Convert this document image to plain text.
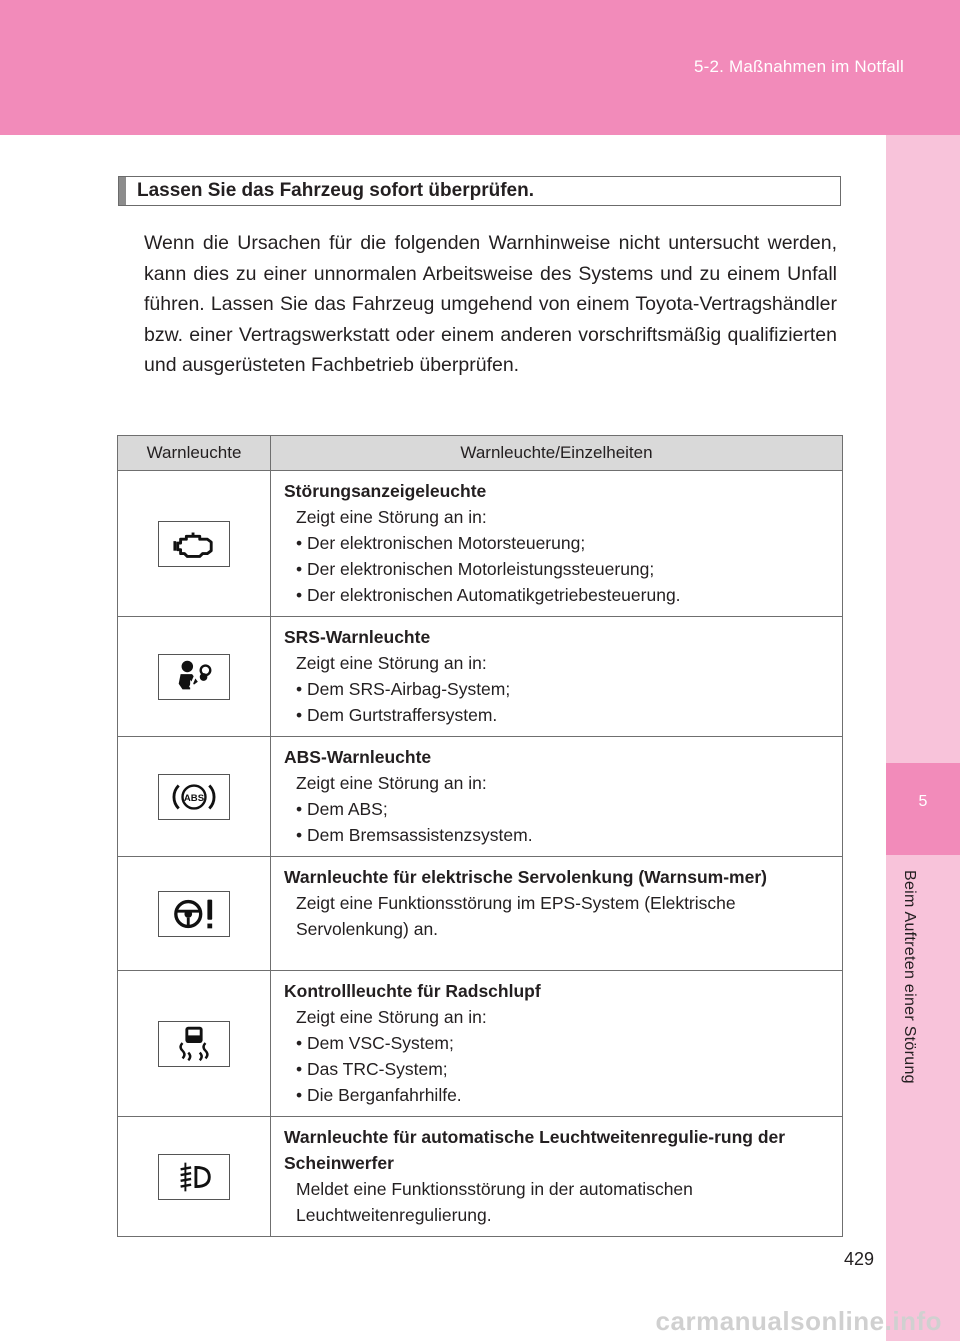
5-2. Maßnahmen im Notfall
5
Beim Auftreten einer Störung
Lassen Sie das Fahrzeug sofort überprüfen.
Wenn die Ursachen für die folgenden Warnhinweise nicht untersucht werden, kann dies zu einer unnormalen Arbeitsweise des Systems und zu einem Unfall führen. Lassen Sie das Fahrzeug umgehend von einem Toyota-Vertragshändler bzw. einer Vertragswerkstatt oder einem anderen vorschriftsmäßig qualifizierten und ausgerüsteten Fachbetrieb überprüfen.
Warnleuchte	Warnleuchte/Einzelheiten

Störungsanzeigeleuchte
Zeigt eine Störung an in:
• Der elektronischen Motorsteuerung;
• Der elektronischen Motorleistungssteuerung;
• Der elektronischen Automatikgetriebesteuerung.

SRS-Warnleuchte
Zeigt eine Störung an in:
• Dem SRS-Airbag-System;
• Dem Gurtstraffersystem.

ABS	ABS-Warnleuchte
Zeigt eine Störung an in:
• Dem ABS;
• Dem Bremsassistenzsystem.

Warnleuchte für elektrische Servolenkung (Warnsum-mer)
Zeigt eine Funktionsstörung im EPS-System (Elektrische Servolenkung) an.

Kontrollleuchte für Radschlupf
Zeigt eine Störung an in:
• Dem VSC-System;
• Das TRC-System;
• Die Berganfahrhilfe.

Warnleuchte für automatische Leuchtweitenregulie-rung der Scheinwerfer
Meldet eine Funktionsstörung in der automatischen Leuchtweitenregulierung.
429
carmanualsonline.info
